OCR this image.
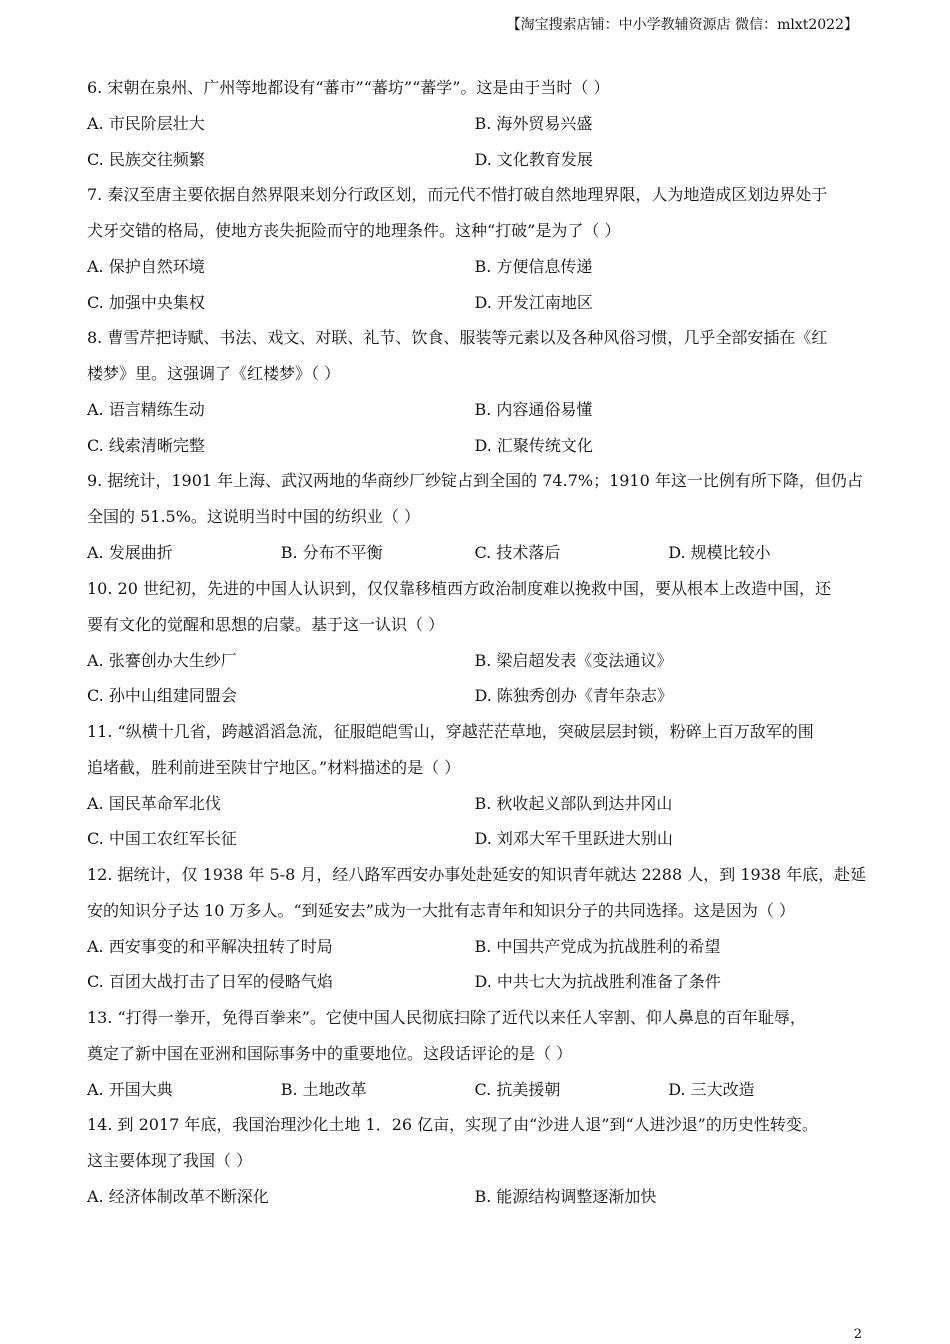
【淘宝搜索店铺：中小学教辅资源店 微信：mlxt2022】
6. 宋朝在泉州、广州等地都设有“蕃市”“蕃坊”“蕃学”。这是由于当时（ ）
A. 市民阶层壮大	B. 海外贸易兴盛
C. 民族交往频繁	D. 文化教育发展
7. 秦汉至唐主要依据自然界限来划分行政区划，而元代不惜打破自然地理界限，人为地造成区划边界处于
犬牙交错的格局，使地方丧失扼险而守的地理条件。这种“打破”是为了（ ）
A. 保护自然环境	B. 方便信息传递
C. 加强中央集权	D. 开发江南地区
8. 曹雪芹把诗赋、书法、戏文、对联、礼节、饮食、服装等元素以及各种风俗习惯，几乎全部安插在《红
楼梦》里。这强调了《红楼梦》（ ）
A. 语言精练生动	B. 内容通俗易懂
C. 线索清晰完整	D. 汇聚传统文化
9. 据统计，1901 年上海、武汉两地的华商纱厂纱锭占到全国的 74.7%；1910 年这一比例有所下降，但仍占
全国的 51.5%。这说明当时中国的纺织业（ ）
A. 发展曲折	B. 分布不平衡	C. 技术落后	D. 规模比较小
10. 20 世纪初，先进的中国人认识到，仅仅靠移植西方政治制度难以挽救中国，要从根本上改造中国，还
要有文化的觉醒和思想的启蒙。基于这一认识（ ）
A. 张謇创办大生纱厂	B. 梁启超发表《变法通议》
C. 孙中山组建同盟会	D. 陈独秀创办《青年杂志》
11. “纵横十几省，跨越滔滔急流，征服皑皑雪山，穿越茫茫草地，突破层层封锁，粉碎上百万敌军的围
追堵截，胜利前进至陕甘宁地区。”材料描述的是（ ）
A. 国民革命军北伐	B. 秋收起义部队到达井冈山
C. 中国工农红军长征	D. 刘邓大军千里跃进大别山
12. 据统计，仅 1938 年 5-8 月，经八路军西安办事处赴延安的知识青年就达 2288 人，到 1938 年底，赴延
安的知识分子达 10 万多人。“到延安去”成为一大批有志青年和知识分子的共同选择。这是因为（ ）
A. 西安事变的和平解决扭转了时局	B. 中国共产党成为抗战胜利的希望
C. 百团大战打击了日军的侵略气焰	D. 中共七大为抗战胜利准备了条件
13. “打得一拳开，免得百拳来”。它使中国人民彻底扫除了近代以来任人宰割、仰人鼻息的百年耻辱，
奠定了新中国在亚洲和国际事务中的重要地位。这段话评论的是（ ）
A. 开国大典	B. 土地改革	C. 抗美援朝	D. 三大改造
14. 到 2017 年底，我国治理沙化土地 1．26 亿亩，实现了由“沙进人退”到“人进沙退”的历史性转变。
这主要体现了我国（ ）
A. 经济体制改革不断深化	B. 能源结构调整逐渐加快
2
